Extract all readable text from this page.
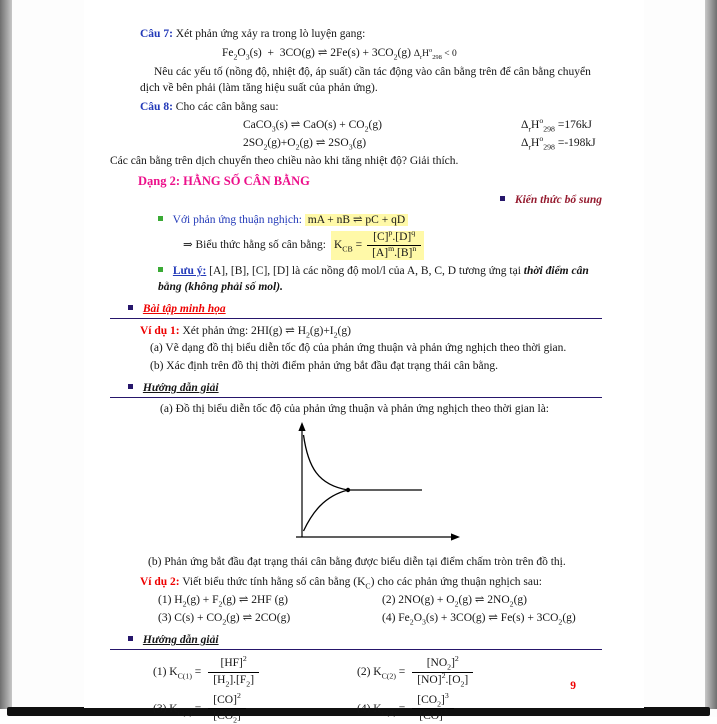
Câu 7: Xét phản ứng xảy ra trong lò luyện gang:
$Fe_2O_3(s) + 3CO(g)$ ⇌ $2Fe(s) + 3CO_2(g) \Delta_rH^o_{298} < 0$
Nêu các yếu tố (nồng độ, nhiệt độ, áp suất) cần tác động vào cân bằng trên để cân bằng chuyển dịch về bên phải (làm tăng hiệu suất của phản ứng).
Câu 8: Cho các cân bằng sau:
CaCO$_3$(s) ⇌ $CaO(s) + CO_2(g)$	$\Delta_rH^o_{298} =176kJ$
$2SO_2(g)+O_2(g)$ ⇌ $2SO_3(g)$	$\Delta_rH^o_{298} =-198kJ$
Các cân bằng trên dịch chuyển theo chiều nào khi tăng nhiệt độ? Giải thích.
Dạng 2: HẰNG SỐ CÂN BẰNG
Kiến thức bổ sung
Với phản ứng thuận nghịch: mA + nB ⇌ pC + qD
⇒ Biểu thức hằng số cân bằng: $K_{CB} = \frac{[C]^p.[D]^q}{[A]^m.[B]^n}$
Lưu ý: [A], [B], [C], [D] là các nồng độ mol/l của A, B, C, D tương ứng tại thời điểm cân bằng (không phải số mol).
Bài tập minh họa
Ví dụ 1: Xét phản ứng: 2HI(g) ⇌ $H_2(g)+I_2(g)$
(a) Vẽ dạng đồ thị biểu diễn tốc độ của phản ứng thuận và phản ứng nghịch theo thời gian.
(b) Xác định trên đồ thị thời điểm phản ứng bắt đầu đạt trạng thái cân bằng.
Hướng dẫn giải
(a) Đồ thị biểu diễn tốc độ của phản ứng thuận và phản ứng nghịch theo thời gian là:
(b) Phản ứng bắt đầu đạt trạng thái cân bằng được biểu diễn tại điểm chấm tròn trên đồ thị.
Ví dụ 2: Viết biểu thức tính hằng số cân bằng $(K_C)$ cho các phản ứng thuận nghịch sau:
(1) $H_2(g) + F_2(g)$ ⇌ 2HF (g)	(2) $2NO(g) + O_2(g)$ ⇌ $2NO_2(g)$
(3) $C(s) + CO_2(g)$ ⇌ 2CO(g)	(4) $Fe_2O_3(s) + 3CO(g)$ ⇌ $Fe(s) + 3CO_2(g)$
Hướng dẫn giải
(1) $K_{C(1)} = \frac{[HF]^2}{[H_2].[F_2]}$	(2) $K_{C(2)} = \frac{[NO_2]^2}{[NO]^2.[O_2]}$
(3) $K_{C(3)} = \frac{[CO]^2}{[CO_2]}$	(4) $K_{C(4)} = \frac{[CO_2]^3}{[CO]^3}$
9
